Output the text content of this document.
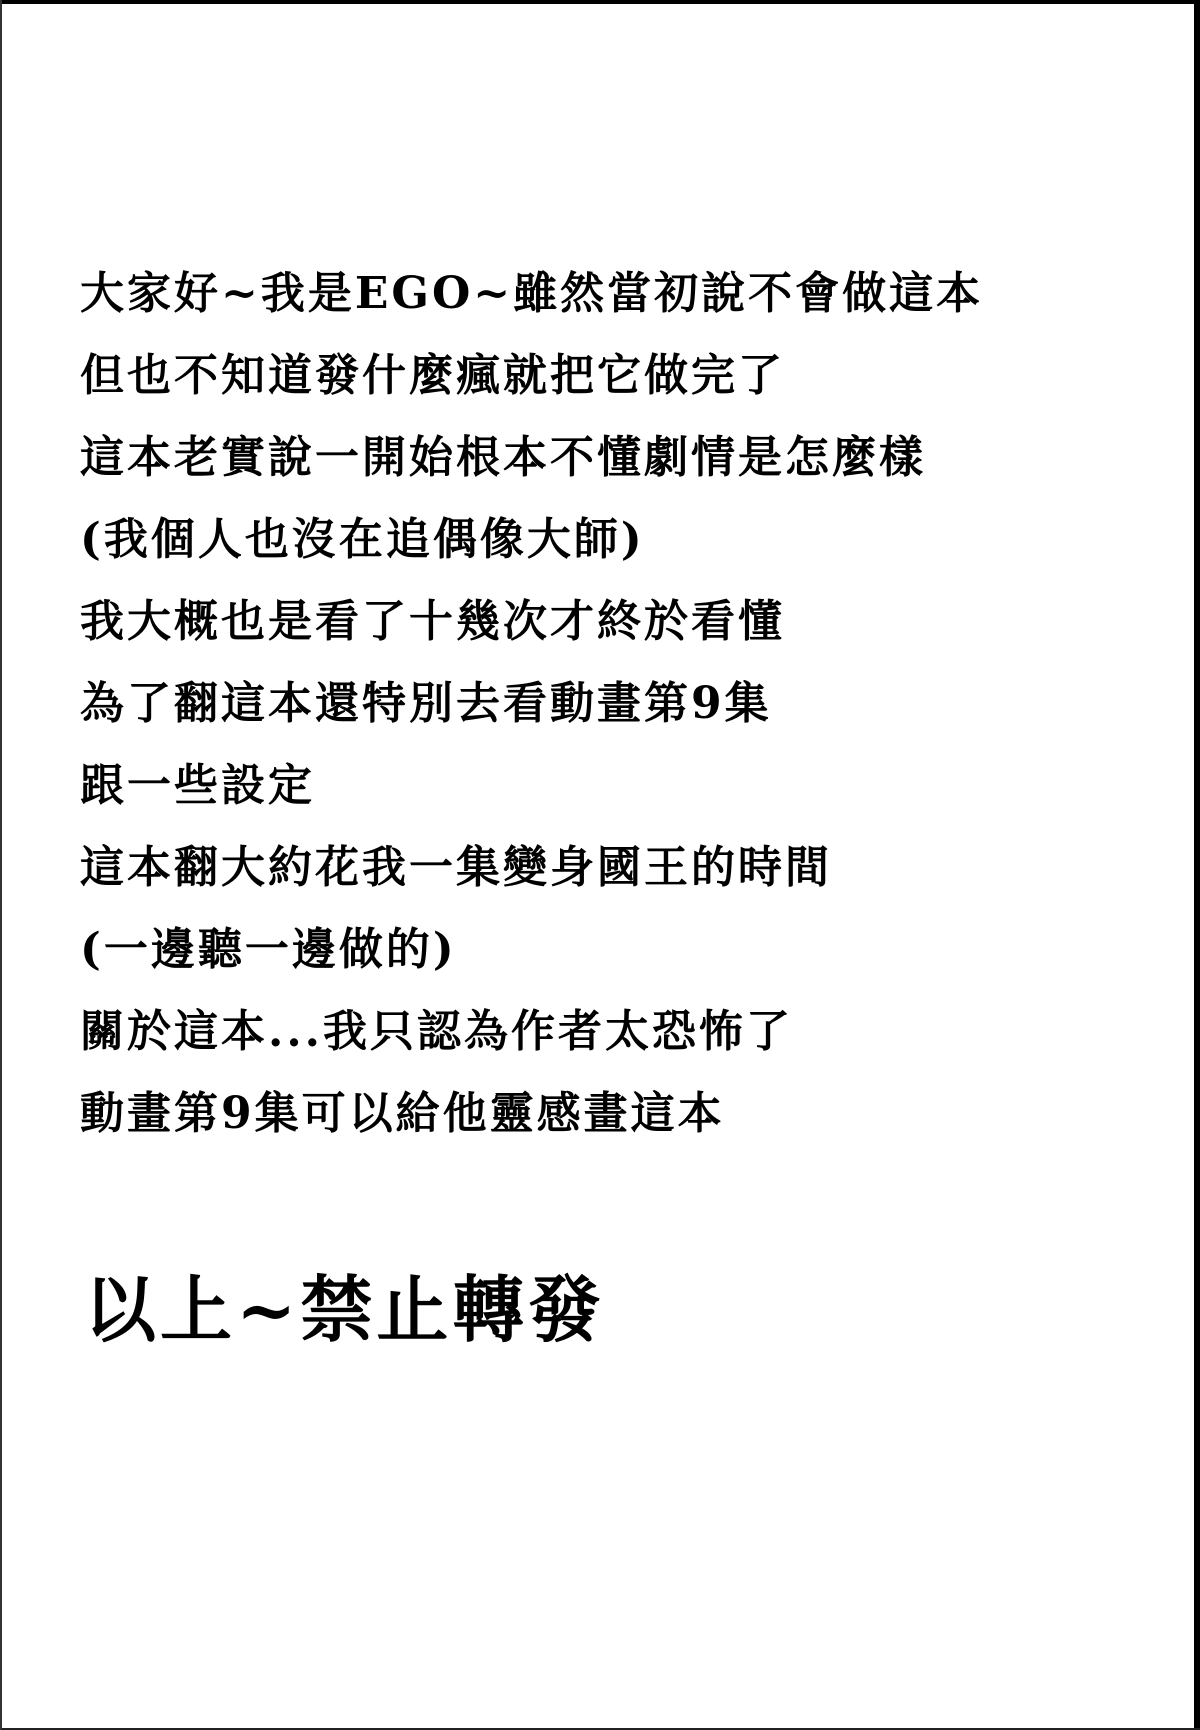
大家好~我是EGO~雖然當初說不會做這本
但也不知道發什麼瘋就把它做完了
這本老實說一開始根本不懂劇情是怎麼樣
(我個人也沒在追偶像大師)
我大概也是看了十幾次才終於看懂
為了翻這本還特別去看動畫第9集
跟一些設定
這本翻大約花我一集變身國王的時間
(一邊聽一邊做的)
關於這本...我只認為作者太恐怖了
動畫第9集可以給他靈感畫這本
以上~禁止轉發
